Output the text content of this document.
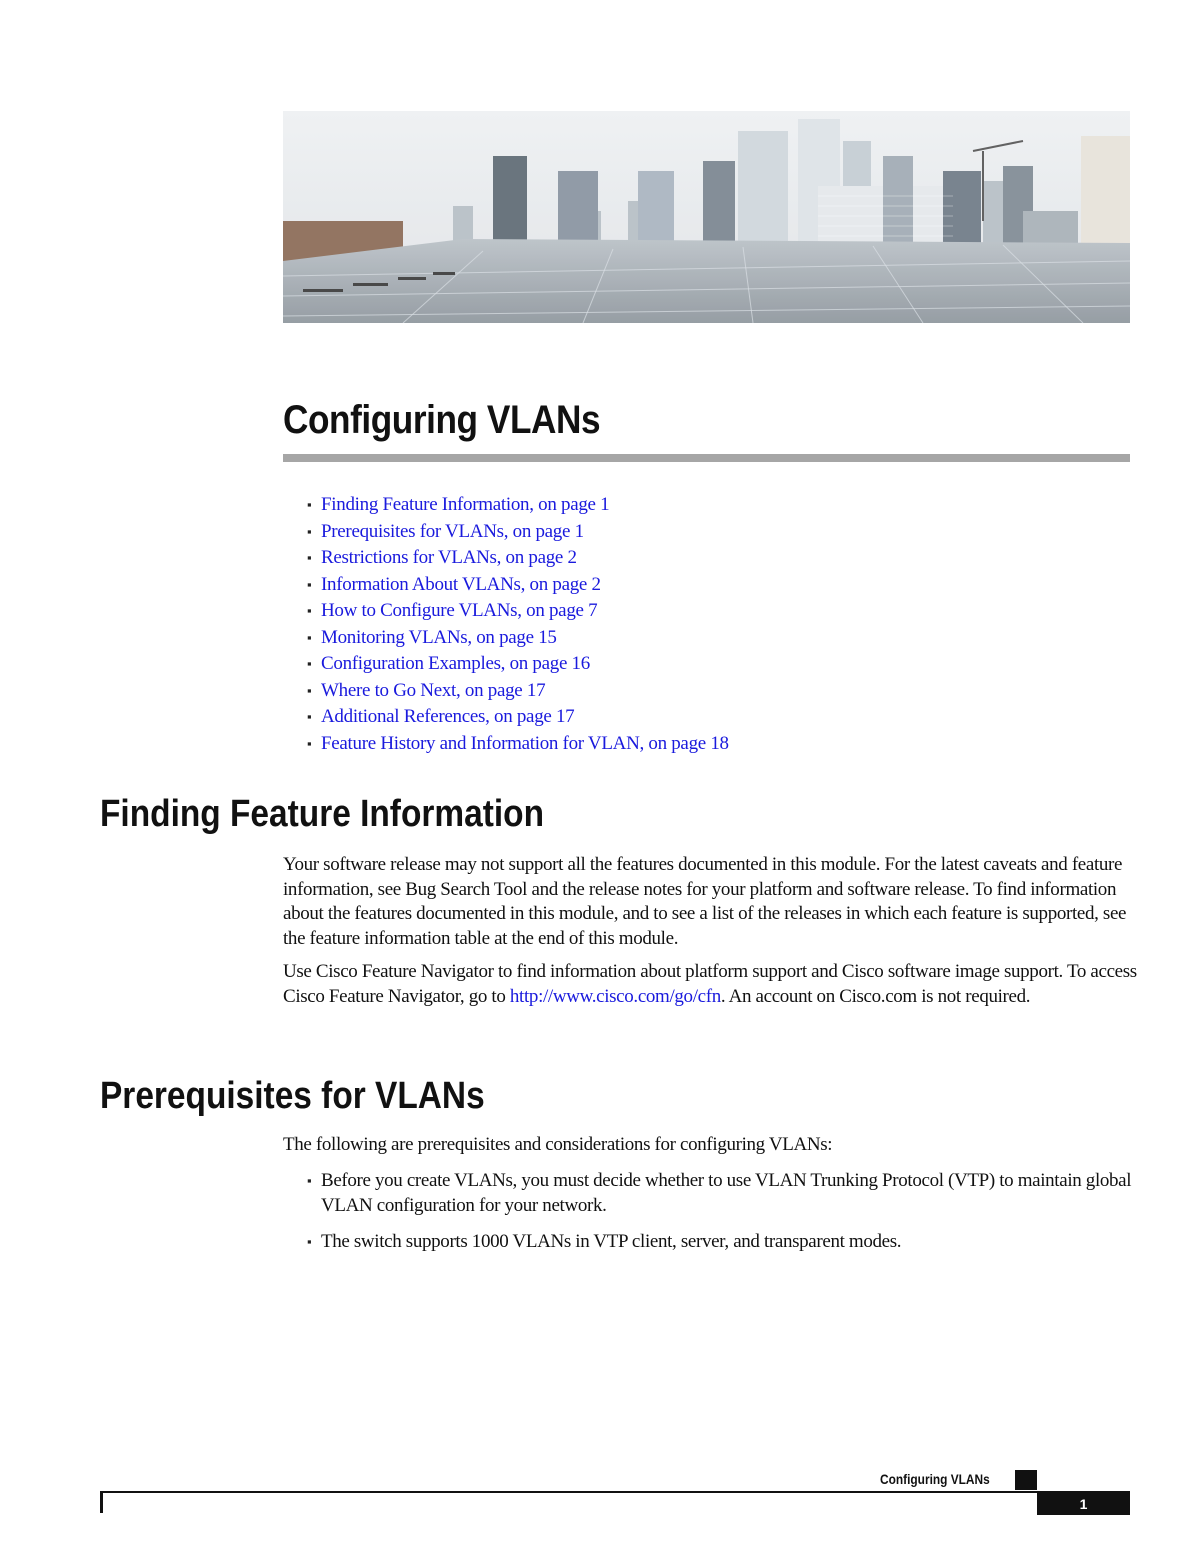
Configuring VLANs
▪ Finding Feature Information, on page 1
▪ Prerequisites for VLANs, on page 1
▪ Restrictions for VLANs, on page 2
▪ Information About VLANs, on page 2
▪ How to Configure VLANs, on page 7
▪ Monitoring VLANs, on page 15
▪ Configuration Examples, on page 16
▪ Where to Go Next, on page 17
▪ Additional References, on page 17
▪ Feature History and Information for VLAN, on page 18
Finding Feature Information

Your software release may not support all the features documented in this module. For the latest caveats and feature information, see Bug Search Tool and the release notes for your platform and software release. To find information about the features documented in this module, and to see a list of the releases in which each feature is supported, see the feature information table at the end of this module.

Use Cisco Feature Navigator to find information about platform support and Cisco software image support. To access Cisco Feature Navigator, go to http://www.cisco.com/go/cfn. An account on Cisco.com is not required.

Prerequisites for VLANs

The following are prerequisites and considerations for configuring VLANs:

▪ Before you create VLANs, you must decide whether to use VLAN Trunking Protocol (VTP) to maintain global VLAN configuration for your network.
▪ The switch supports 1000 VLANs in VTP client, server, and transparent modes.
Configuring VLANs
1
